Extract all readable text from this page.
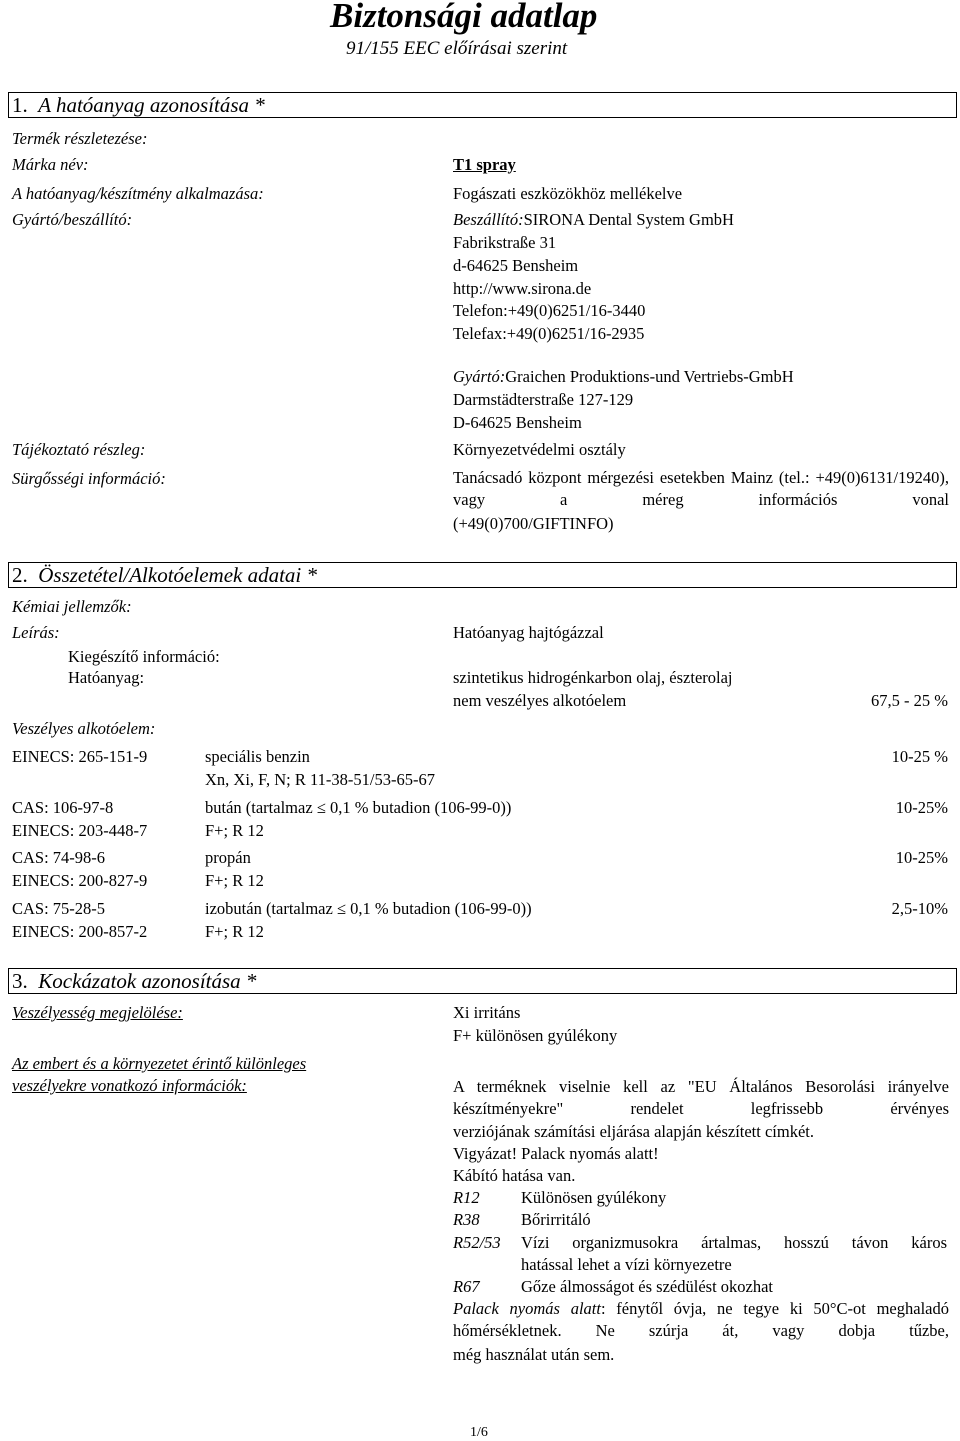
Biztonsági adatlap
91/155 EEC előírásai szerint
1. A hatóanyag azonosítása *
Termék részletezése:
Márka név:	T1 spray
A hatóanyag/készítmény alkalmazása:	Fogászati eszközökhöz mellékelve
Gyártó/beszállító:	Beszállító:SIRONA Dental System GmbH
Fabrikstraße 31
d-64625 Bensheim
http://www.sirona.de
Telefon:+49(0)6251/16-3440
Telefax:+49(0)6251/16-2935
Gyártó:Graichen Produktions-und Vertriebs-GmbH
Darmstädterstraße 127-129
D-64625 Bensheim
Tájékoztató részleg:	Környezetvédelmi osztály
Sürgősségi információ:	Tanácsadó központ mérgezési esetekben Mainz (tel.: +49(0)6131/19240), vagy a méreg információs vonal
(+49(0)700/GIFTINFO)
2. Összetétel/Alkotóelemek adatai *
Kémiai jellemzők:
Leírás:	Hatóanyag hajtógázzal
Kiegészítő információ:
Hatóanyag:	szintetikus hidrogénkarbon olaj, észterolaj
nem veszélyes alkotóelem	67,5 - 25 %
Veszélyes alkotóelem:
EINECS: 265-151-9	speciális benzin	10-25 %
Xn, Xi, F, N; R 11-38-51/53-65-67
CAS: 106-97-8	bután (tartalmaz ≤ 0,1 % butadion (106-99-0))	10-25%
EINECS: 203-448-7	F+; R 12
CAS: 74-98-6	propán	10-25%
EINECS: 200-827-9	F+; R 12
CAS: 75-28-5	izobután (tartalmaz ≤ 0,1 % butadion (106-99-0))	2,5-10%
EINECS: 200-857-2	F+; R 12
3. Kockázatok azonosítása *
Veszélyesség megjelölése:	Xi irritáns
F+ különösen gyúlékony
Az embert és a környezetet érintő különleges
veszélyekre vonatkozó információk:	A terméknek viselnie kell az "EU Általános Besorolási irányelve készítményekre" rendelet legfrissebb érvényes
verziójának számítási eljárása alapján készített címkét.
Vigyázat! Palack nyomás alatt!
Kábító hatása van.
R12	Különösen gyúlékony
R38	Bőrirritáló
R52/53 Vízi organizmusokra ártalmas, hosszú távon káros
hatással lehet a vízi környezetre
R67	Gőze álmosságot és szédülést okozhat
Palack nyomás alatt: fénytől óvja, ne tegye ki 50°C-ot meghaladó hőmérsékletnek. Ne szúrja át, vagy dobja tűzbe,
még használat után sem.
1/6
